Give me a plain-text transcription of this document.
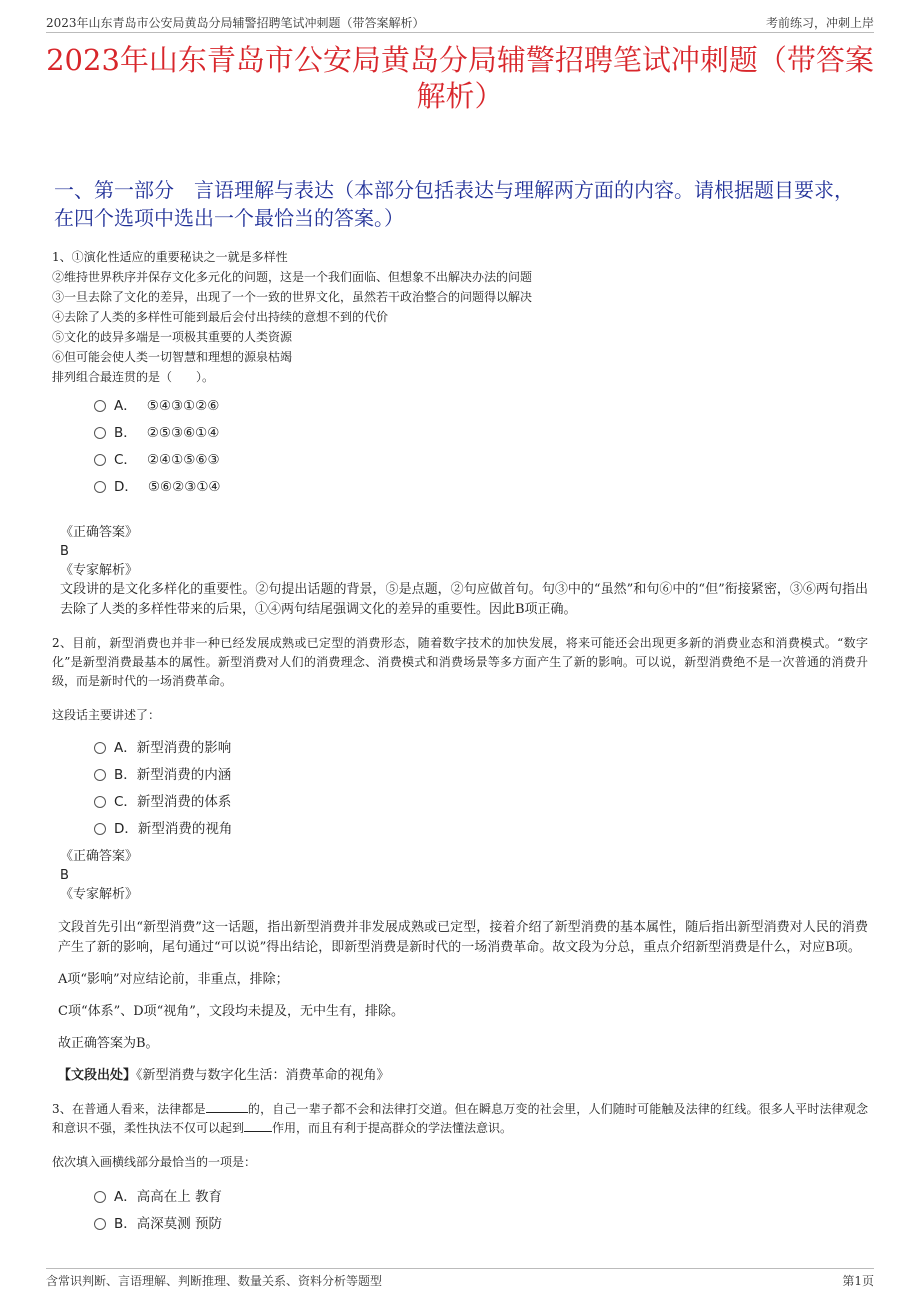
2023年山东青岛市公安局黄岛分局辅警招聘笔试冲刺题（带答案解析）	考前练习，冲刺上岸
2023年山东青岛市公安局黄岛分局辅警招聘笔试冲刺题（带答案解析）
一、第一部分　言语理解与表达（本部分包括表达与理解两方面的内容。请根据题目要求，在四个选项中选出一个最恰当的答案。）

1、①演化性适应的重要秘诀之一就是多样性

②维持世界秩序并保存文化多元化的问题，这是一个我们面临、但想象不出解决办法的问题

③一旦去除了文化的差异，出现了一个一致的世界文化，虽然若干政治整合的问题得以解决

④去除了人类的多样性可能到最后会付出持续的意想不到的代价

⑤文化的歧异多端是一项极其重要的人类资源

⑥但可能会使人类一切智慧和理想的源泉枯竭

排列组合最连贯的是（　　）。

A． ⑤④③①②⑥
B． ②⑤③⑥①④
C． ②④①⑤⑥③
D． ⑤⑥②③①④
《正确答案》
B
《专家解析》

文段讲的是文化多样化的重要性。②句提出话题的背景，⑤是点题，②句应做首句。句③中的“虽然”和句⑥中的“但”衔接紧密，③⑥两句指出去除了人类的多样性带来的后果，①④两句结尾强调文化的差异的重要性。因此B项正确。

2、目前，新型消费也并非一种已经发展成熟或已定型的消费形态，随着数字技术的加快发展，将来可能还会出现更多新的消费业态和消费模式。“数字化”是新型消费最基本的属性。新型消费对人们的消费理念、消费模式和消费场景等多方面产生了新的影响。可以说，新型消费绝不是一次普通的消费升级，而是新时代的一场消费革命。

这段话主要讲述了：

A．新型消费的影响
B．新型消费的内涵
C．新型消费的体系
D．新型消费的视角
《正确答案》
B
《专家解析》

文段首先引出“新型消费”这一话题，指出新型消费并非发展成熟或已定型，接着介绍了新型消费的基本属性，随后指出新型消费对人民的消费产生了新的影响，尾句通过“可以说”得出结论，即新型消费是新时代的一场消费革命。故文段为分总，重点介绍新型消费是什么，对应B项。

A项“影响”对应结论前，非重点，排除；

C项“体系”、D项“视角”，文段均未提及，无中生有，排除。

故正确答案为B。

【文段出处】《新型消费与数字化生活：消费革命的视角》

3、在普通人看来，法律都是	的，自己一辈子都不会和法律打交道。但在瞬息万变的社会里，人们随时可能触及法律的红线。很多人平时法律观念和意识不强，柔性执法不仅可以起到 作用，而且有利于提高群众的学法懂法意识。

依次填入画横线部分最恰当的一项是：

A．高高在上 教育
B．高深莫测 预防
含常识判断、言语理解、判断推理、数量关系、资料分析等题型	第1页
